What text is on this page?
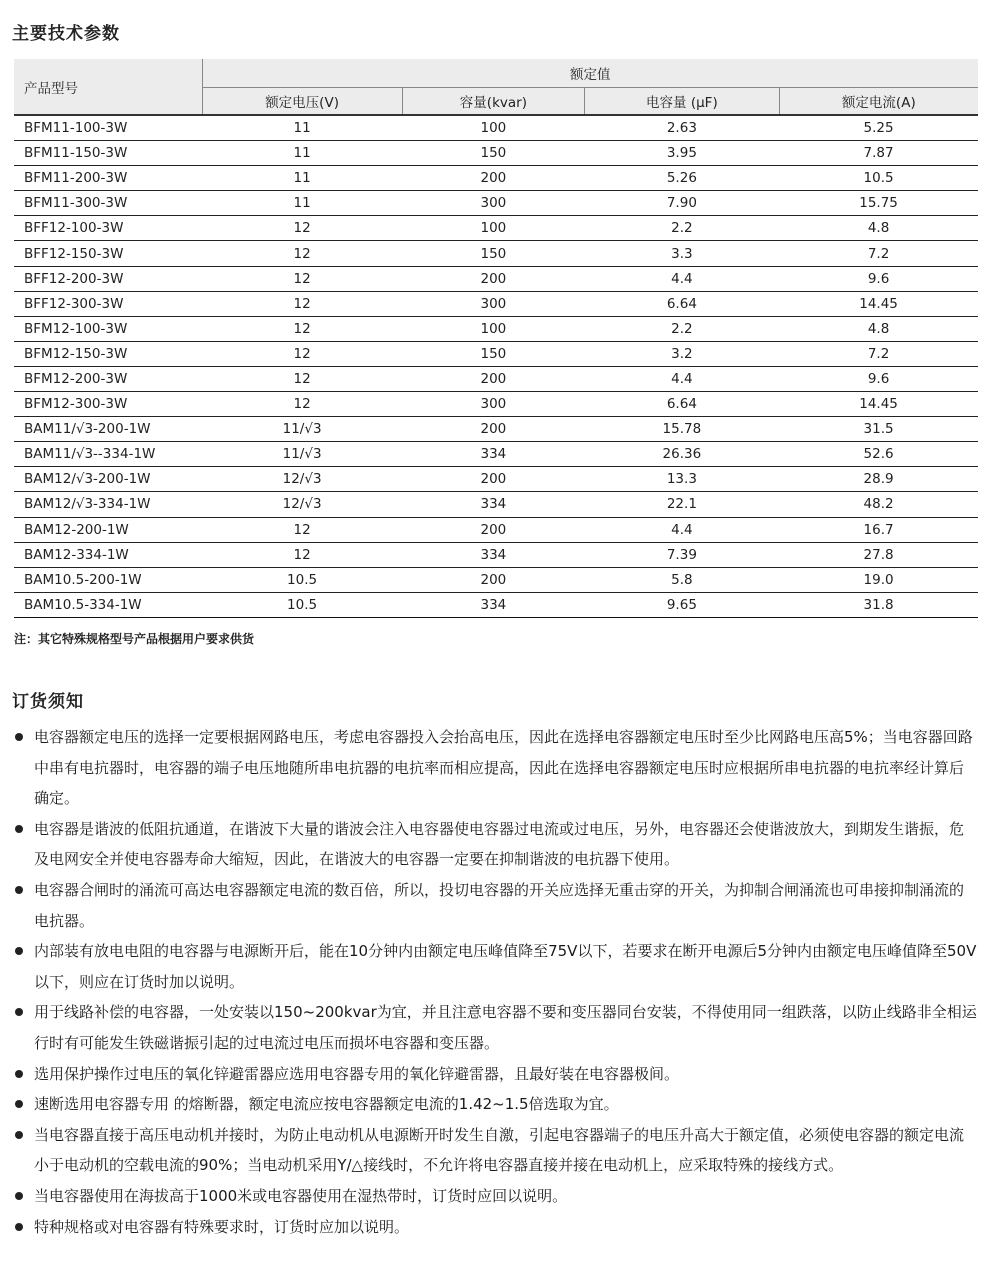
主要技术参数
产品型号	额定值			
	额定电压(V)	容量(kvar)	电容量 (μF)	额定电流(A)
BFM11-100-3W	11	100	2.63	5.25
BFM11-150-3W	11	150	3.95	7.87
BFM11-200-3W	11	200	5.26	10.5
BFM11-300-3W	11	300	7.90	15.75
BFF12-100-3W	12	100	2.2	4.8
BFF12-150-3W	12	150	3.3	7.2
BFF12-200-3W	12	200	4.4	9.6
BFF12-300-3W	12	300	6.64	14.45
BFM12-100-3W	12	100	2.2	4.8
BFM12-150-3W	12	150	3.2	7.2
BFM12-200-3W	12	200	4.4	9.6
BFM12-300-3W	12	300	6.64	14.45
BAM11/√3-200-1W	11/√3	200	15.78	31.5
BAM11/√3--334-1W	11/√3	334	26.36	52.6
BAM12/√3-200-1W	12/√3	200	13.3	28.9
BAM12/√3-334-1W	12/√3	334	22.1	48.2
BAM12-200-1W	12	200	4.4	16.7
BAM12-334-1W	12	334	7.39	27.8
BAM10.5-200-1W	10.5	200	5.8	19.0
BAM10.5-334-1W	10.5	334	9.65	31.8

注：其它特殊规格型号产品根据用户要求供货

订货须知
电容器额定电压的选择一定要根据网路电压，考虑电容器投入会抬高电压，因此在选择电容器额定电压时至少比网路电压高5%；当电容器回路中串有电抗器时，电容器的端子电压地随所串电抗器的电抗率而相应提高，因此在选择电容器额定电压时应根据所串电抗器的电抗率经计算后确定。
电容器是谐波的低阻抗通道，在谐波下大量的谐波会注入电容器使电容器过电流或过电压，另外，电容器还会使谐波放大，到期发生谐振，危及电网安全并使电容器寿命大缩短，因此，在谐波大的电容器一定要在抑制谐波的电抗器下使用。
电容器合闸时的涌流可高达电容器额定电流的数百倍，所以，投切电容器的开关应选择无重击穿的开关，为抑制合闸涌流也可串接抑制涌流的电抗器。
内部装有放电电阻的电容器与电源断开后，能在10分钟内由额定电压峰值降至75V以下，若要求在断开电源后5分钟内由额定电压峰值降至50V以下，则应在订货时加以说明。
用于线路补偿的电容器，一处安装以150~200kvar为宜，并且注意电容器不要和变压器同台安装，不得使用同一组跌落，以防止线路非全相运行时有可能发生铁磁谐振引起的过电流过电压而损坏电容器和变压器。
选用保护操作过电压的氧化锌避雷器应选用电容器专用的氧化锌避雷器，且最好装在电容器极间。
速断选用电容器专用 的熔断器，额定电流应按电容器额定电流的1.42~1.5倍选取为宜。
当电容器直接于高压电动机并接时，为防止电动机从电源断开时发生自激，引起电容器端子的电压升高大于额定值，必须使电容器的额定电流小于电动机的空载电流的90%；当电动机采用Y/△接线时，不允许将电容器直接并接在电动机上，应采取特殊的接线方式。
当电容器使用在海拔高于1000米或电容器使用在湿热带时，订货时应回以说明。
特种规格或对电容器有特殊要求时，订货时应加以说明。
